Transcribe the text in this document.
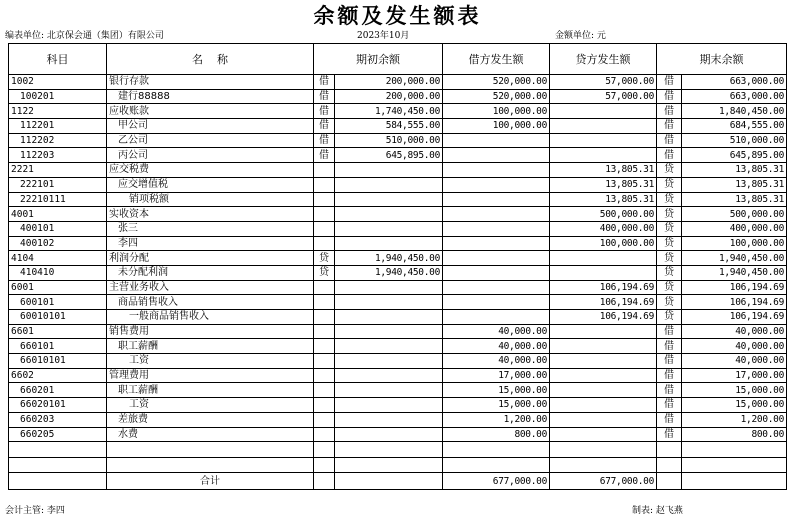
余额及发生额表
编表单位: 北京保会通（集团）有限公司	2023年10月	金额单位: 元
科目	名    称	期初余额		借方发生额	贷方发生额	期末余额	
1002	银行存款	借	200,000.00	520,000.00	57,000.00	借	663,000.00
100201	建行88888	借	200,000.00	520,000.00	57,000.00	借	663,000.00
1122	应收账款	借	1,740,450.00	100,000.00		借	1,840,450.00
112201	甲公司	借	584,555.00	100,000.00		借	684,555.00
112202	乙公司	借	510,000.00			借	510,000.00
112203	丙公司	借	645,895.00			借	645,895.00
2221	应交税费				13,805.31	贷	13,805.31
222101	应交增值税				13,805.31	贷	13,805.31
22210111	销项税额				13,805.31	贷	13,805.31
4001	实收资本				500,000.00	贷	500,000.00
400101	张三				400,000.00	贷	400,000.00
400102	李四				100,000.00	贷	100,000.00
4104	利润分配	贷	1,940,450.00			贷	1,940,450.00
410410	未分配利润	贷	1,940,450.00			贷	1,940,450.00
6001	主营业务收入				106,194.69	贷	106,194.69
600101	商品销售收入				106,194.69	贷	106,194.69
60010101	一般商品销售收入				106,194.69	贷	106,194.69
6601	销售费用			40,000.00		借	40,000.00
660101	职工薪酬			40,000.00		借	40,000.00
66010101	工资			40,000.00		借	40,000.00
6602	管理费用			17,000.00		借	17,000.00
660201	职工薪酬			15,000.00		借	15,000.00
66020101	工资			15,000.00		借	15,000.00
660203	差旅费			1,200.00		借	1,200.00
660205	水费			800.00		借	800.00

	合计			677,000.00	677,000.00		
会计主管: 李四	制表: 赵飞燕
